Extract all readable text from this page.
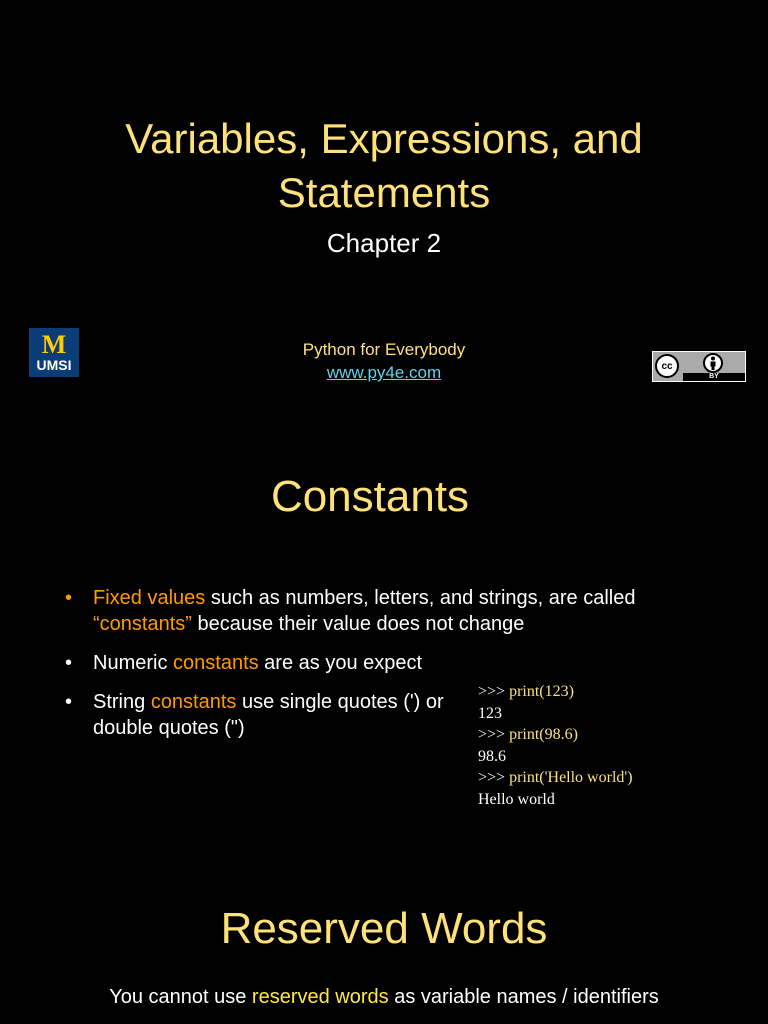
Variables, Expressions, and
Statements
Chapter 2
M
UMSI
Python for Everybody
www.py4e.com	cc
BY
Constants
• Fixed values such as numbers, letters, and strings, are called “constants” because their value does not change
• Numeric constants are as you expect
• String constants use single quotes (') or double quotes (")
>>> print(123)
123
>>> print(98.6)
98.6
>>> print('Hello world')
Hello world
Reserved Words
You cannot use reserved words as variable names / identifiers
